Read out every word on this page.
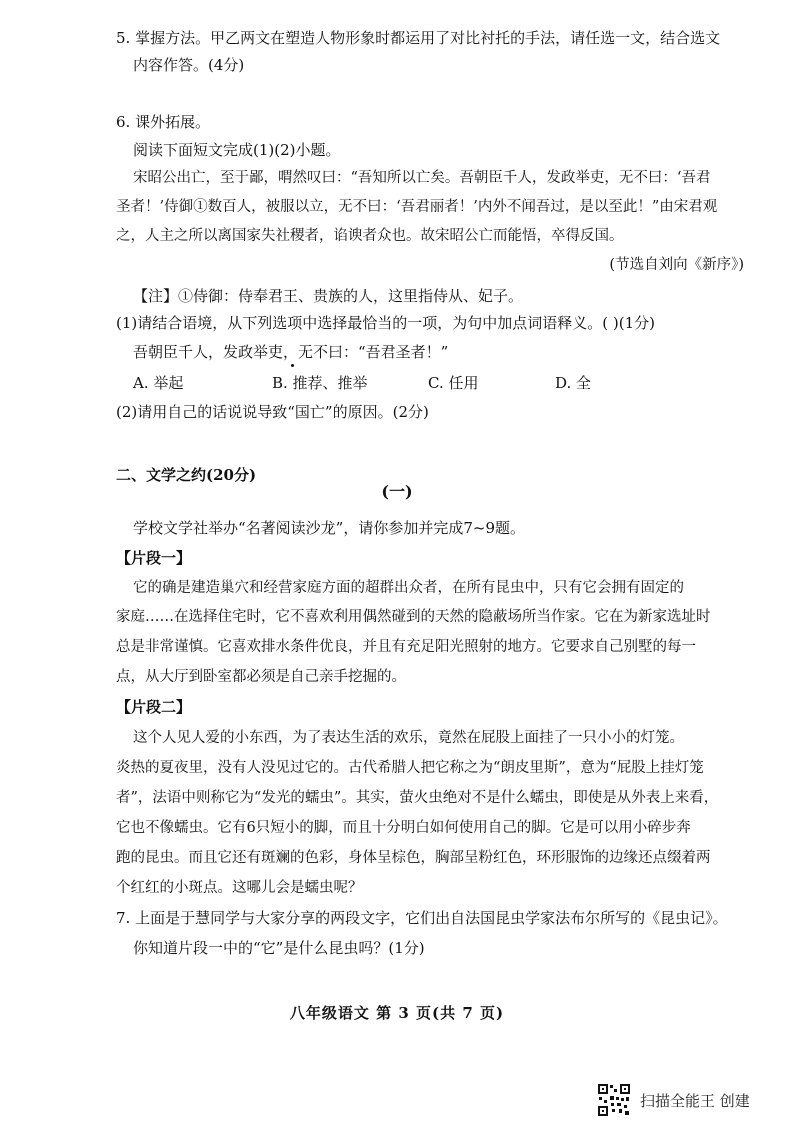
5. 掌握方法。甲乙两文在塑造人物形象时都运用了对比衬托的手法，请任选一文，结合选文
内容作答。(4分)
6. 课外拓展。
阅读下面短文完成(1)(2)小题。
宋昭公出亡，至于鄙，喟然叹曰：“吾知所以亡矣。吾朝臣千人，发政举吏，无不曰：‘吾君
圣者！’侍御①数百人，被服以立，无不曰：‘吾君丽者！’内外不闻吾过，是以至此！”由宋君观
之，人主之所以离国家失社稷者，谄谀者众也。故宋昭公亡而能悟，卒得反国。
(节选自刘向《新序》)
【注】①侍御：侍奉君王、贵族的人，这里指侍从、妃子。
(1)请结合语境，从下列选项中选择最恰当的一项，为句中加点词语释义。( )(1分)
吾朝臣千人，发政举吏，无不曰：“吾君圣者！”
A. 举起	B. 推荐、推举	C. 任用	D. 全
(2)请用自己的话说说导致“国亡”的原因。(2分)
二、文学之约(20分)
(一)
学校文学社举办“名著阅读沙龙”，请你参加并完成7~9题。
【片段一】
它的确是建造巢穴和经营家庭方面的超群出众者，在所有昆虫中，只有它会拥有固定的
家庭……在选择住宅时，它不喜欢利用偶然碰到的天然的隐蔽场所当作家。它在为新家选址时
总是非常谨慎。它喜欢排水条件优良，并且有充足阳光照射的地方。它要求自己别墅的每一
点，从大厅到卧室都必须是自己亲手挖掘的。
【片段二】
这个人见人爱的小东西，为了表达生活的欢乐，竟然在屁股上面挂了一只小小的灯笼。
炎热的夏夜里，没有人没见过它的。古代希腊人把它称之为“朗皮里斯”，意为“屁股上挂灯笼
者”，法语中则称它为“发光的蠕虫”。其实，萤火虫绝对不是什么蠕虫，即使是从外表上来看，
它也不像蠕虫。它有6只短小的脚，而且十分明白如何使用自己的脚。它是可以用小碎步奔
跑的昆虫。而且它还有斑斓的色彩，身体呈棕色，胸部呈粉红色，环形服饰的边缘还点缀着两
个红红的小斑点。这哪儿会是蠕虫呢？
7. 上面是于慧同学与大家分享的两段文字，它们出自法国昆虫学家法布尔所写的《昆虫记》。
你知道片段一中的“它”是什么昆虫吗？(1分)
八年级语文 第 3 页(共 7 页)
扫描全能王 创建
